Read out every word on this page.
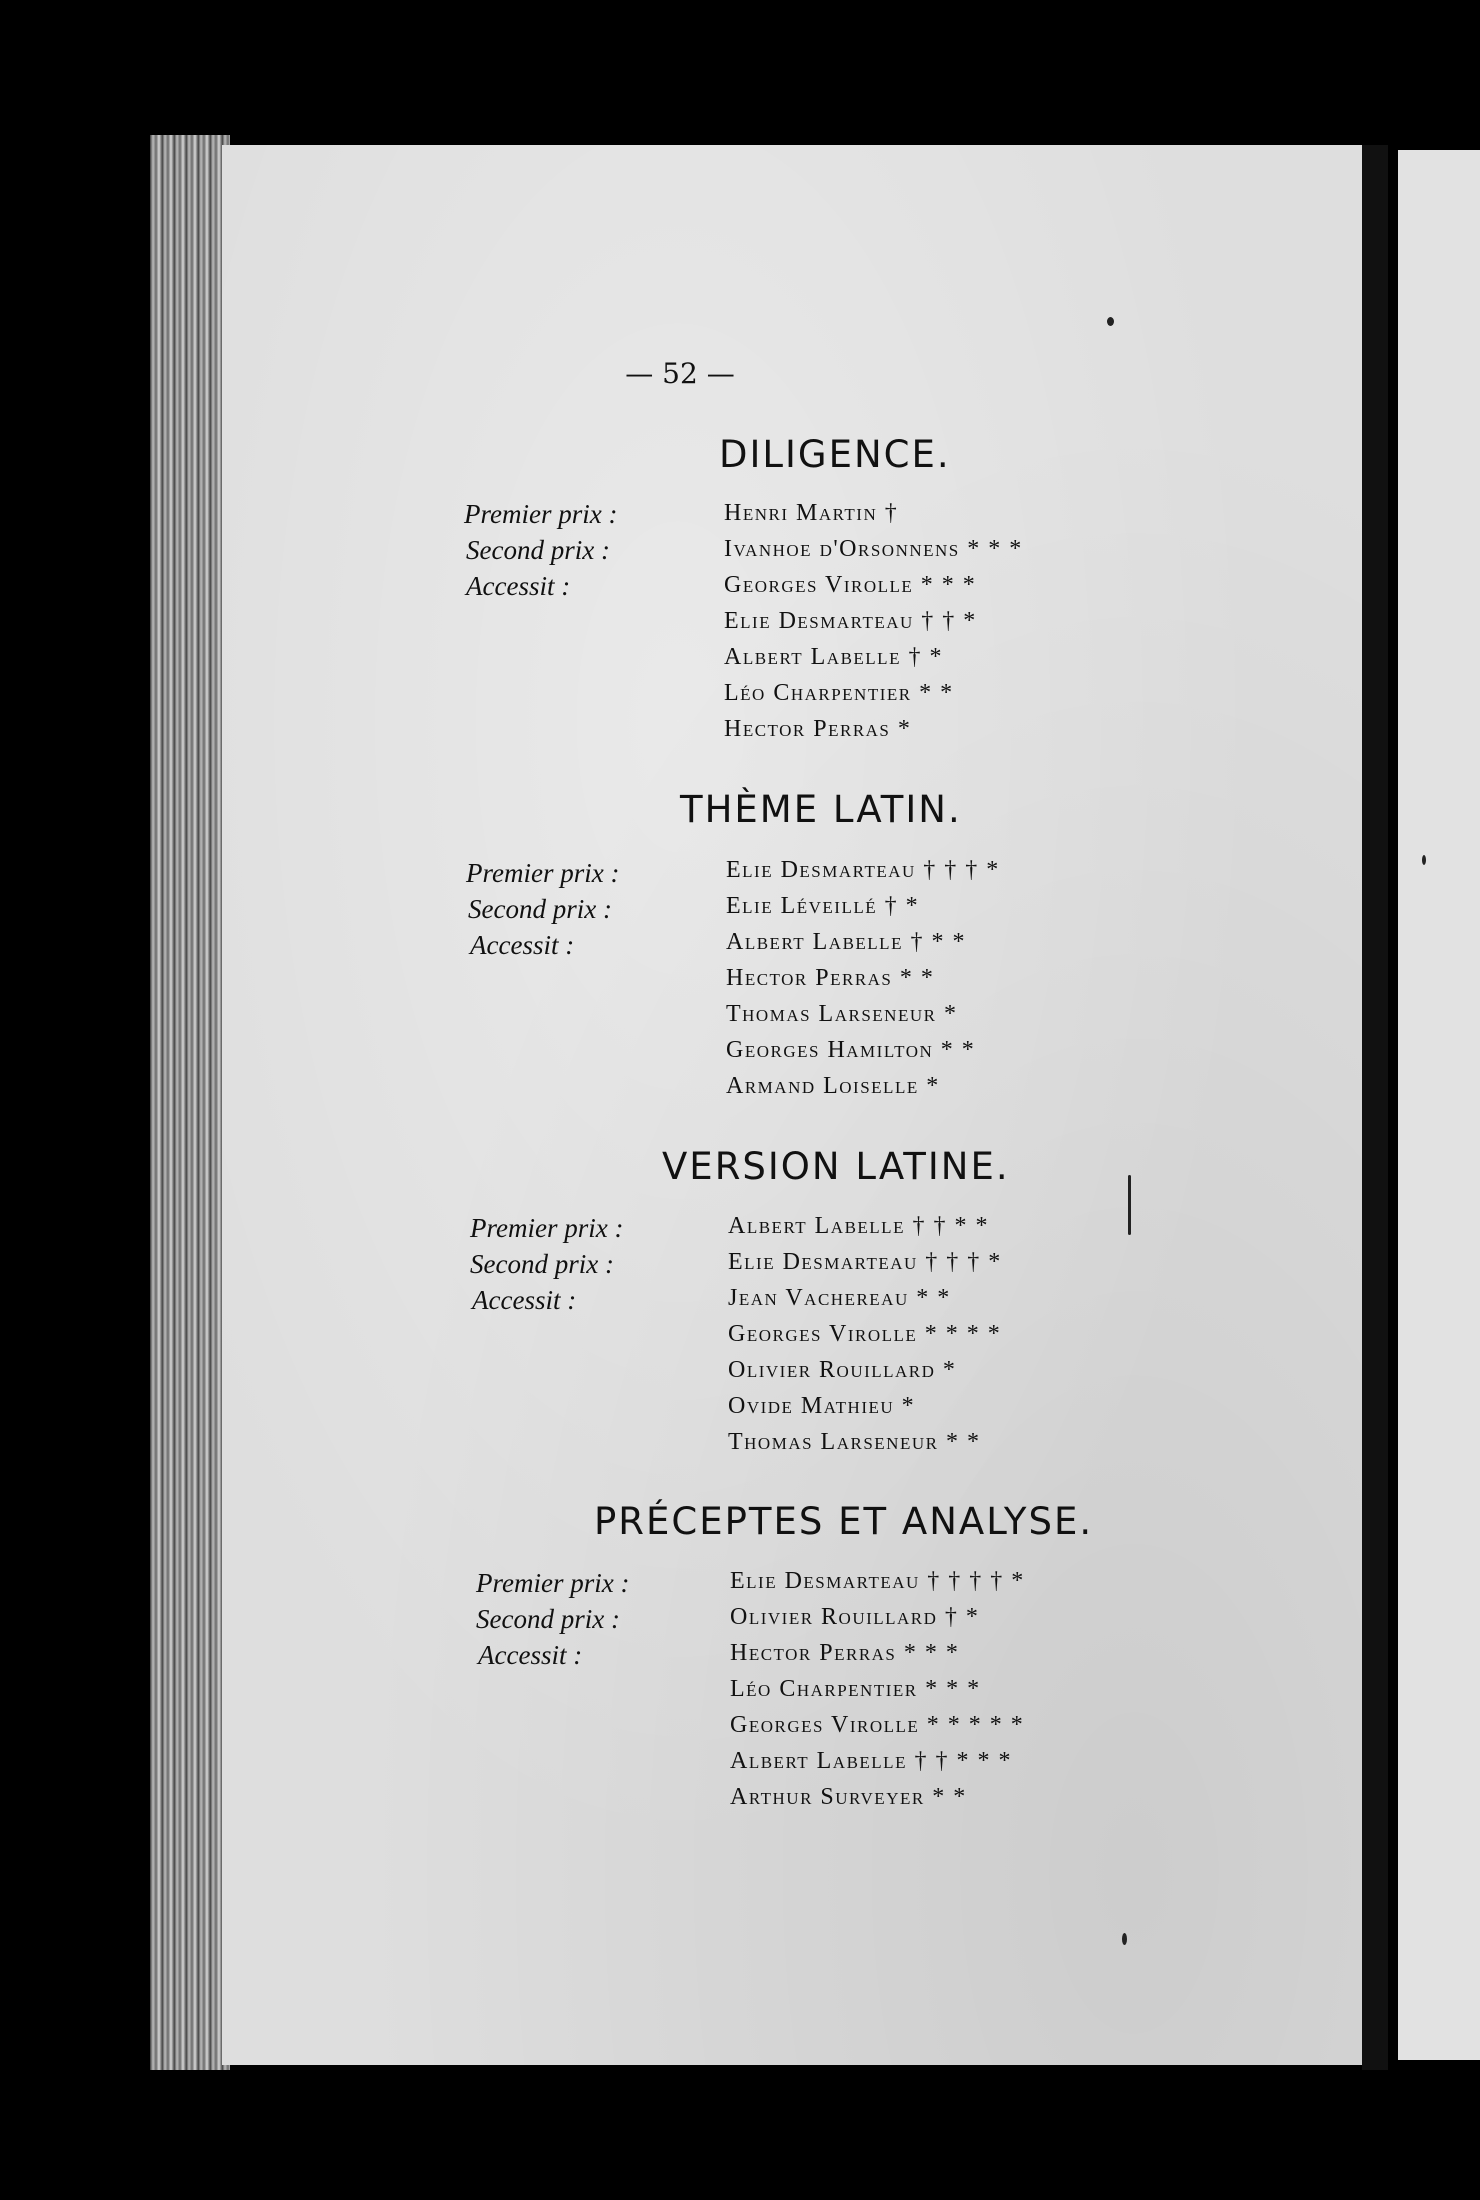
— 52 —
DILIGENCE.
Premier prix :
Second prix :
Accessit :
Henri Martin †
Ivanhoe d'Orsonnens * * *
Georges Virolle * * *
Elie Desmarteau † † *
Albert Labelle † *
Léo Charpentier * *
Hector Perras *
THÈME LATIN.
Premier prix :
Second prix :
Accessit :
Elie Desmarteau † † † *
Elie Léveillé † *
Albert Labelle † * *
Hector Perras * *
Thomas Larseneur *
Georges Hamilton * *
Armand Loiselle *
VERSION LATINE.
Premier prix :
Second prix :
Accessit :
Albert Labelle † † * *
Elie Desmarteau † † † *
Jean Vachereau * *
Georges Virolle * * * *
Olivier Rouillard *
Ovide Mathieu *
Thomas Larseneur * *
PRÉCEPTES ET ANALYSE.
Premier prix :
Second prix :
Accessit :
Elie Desmarteau † † † † *
Olivier Rouillard † *
Hector Perras * * *
Léo Charpentier * * *
Georges Virolle * * * * *
Albert Labelle † † * * *
Arthur Surveyer * *
